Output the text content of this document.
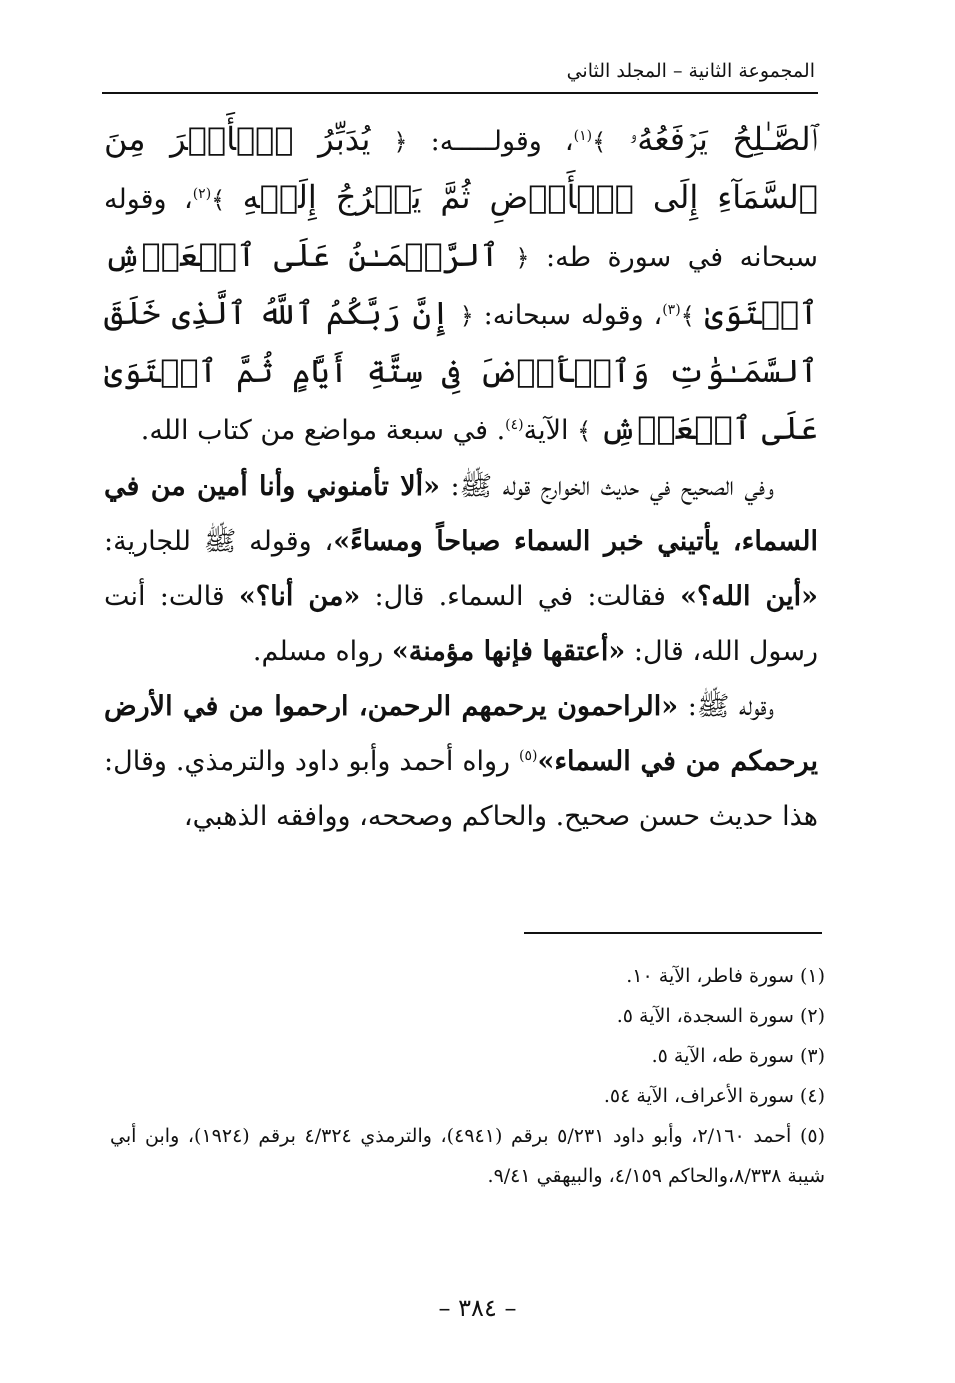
المجموعة الثانية – المجلد الثاني

ٱلصَّـٰلِحُ يَرۡفَعُهُۥ ﴾$^{(١)}$، وقولـــــه: ﴿ يُدَبِّرُ ٱلۡأَمۡرَ مِنَ ٱلسَّمَآءِ إِلَى ٱلۡأَرۡضِ ثُمَّ يَعۡرُجُ إِلَيۡهِ ﴾$^{(٢)}$، وقوله سبحانه في سورة طه: ﴿ ٱلرَّحۡمَـٰنُ عَلَى ٱلۡعَرۡشِ ٱسۡتَوَىٰ ﴾$^{(٣)}$، وقوله سبحانه: ﴿ إِنَّ رَبَّكُمُ ٱللَّهُ ٱلَّذِى خَلَقَ ٱلسَّمَـٰوَٰتِ وَٱلۡأَرۡضَ فِى سِتَّةِ أَيَّامٍ ثُمَّ ٱسۡتَوَىٰ عَلَى ٱلۡعَرۡشِ ﴾ الآية$^{(٤)}$. في سبعة مواضع من كتاب الله.

وفي الصحيح في حديث الخوارج قوله ﷺ: «ألا تأمنوني وأنا أمين من في السماء، يأتيني خبر السماء صباحاً ومساءً»، وقوله ﷺ للجارية: «أين الله؟» فقالت: في السماء. قال: «من أنا؟» قالت: أنت رسول الله، قال: «أعتقها فإنها مؤمنة» رواه مسلم.

وقوله ﷺ: «الراحمون يرحمهم الرحمن، ارحموا من في الأرض يرحمكم من في السماء»$^{(٥)}$ رواه أحمد وأبو داود والترمذي. وقال: هذا حديث حسن صحيح. والحاكم وصححه، ووافقه الذهبي،

(١) سورة فاطر، الآية ١٠.

(٢) سورة السجدة، الآية ٥.

(٣) سورة طه، الآية ٥.

(٤) سورة الأعراف، الآية ٥٤.

(٥) أحمد ٢/١٦٠، وأبو داود ٥/٢٣١ برقم (٤٩٤١)، والترمذي ٤/٣٢٤ برقم (١٩٢٤)، وابن أبي شيبة ٨/٣٣٨،والحاكم ٤/١٥٩، والبيهقي ٩/٤١.

– ٣٨٤ –
